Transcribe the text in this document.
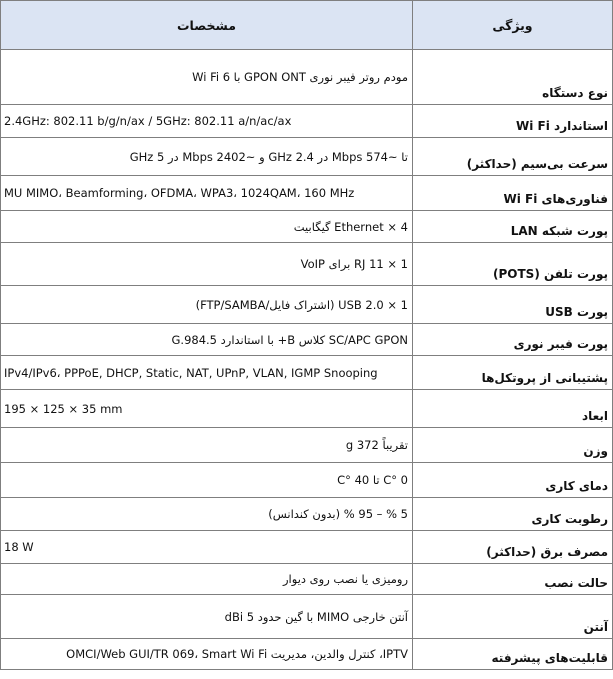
ویژگی	مشخصات
نوع دستگاه	مودم روتر فیبر نوری GPON ONT با Wi Fi 6
استاندارد Wi Fi	2.4GHz: 802.11 b/g/n/ax / 5GHz: 802.11 a/n/ac/ax
سرعت بی‌سیم (حداکثر)	تا ~574 Mbps در 2.4 GHz و ~2402 Mbps در 5 GHz
فناوری‌های Wi Fi	MU MIMO، Beamforming، OFDMA، WPA3، 1024QAM، 160 MHz
پورت شبکه LAN	4 × Ethernet گیگابیت
پورت تلفن (POTS)	1 × RJ 11 برای VoIP
پورت USB	1 × USB 2.0 (اشتراک فایل/FTP/SAMBA)
پورت فیبر نوری	SC/APC GPON کلاس B+ با استاندارد G.984.5
پشتیبانی از پروتکل‌ها	IPv4/IPv6، PPPoE, DHCP, Static, NAT, UPnP, VLAN, IGMP Snooping
ابعاد	195 × 125 × 35 mm
وزن	تقریباً 372 g
دمای کاری	0 °C تا 40 °C
رطوبت کاری	5 % – 95 % (بدون کندانس)
مصرف برق (حداکثر)	18 W
حالت نصب	رومیزی یا نصب روی دیوار
آنتن	آنتن خارجی MIMO با گین حدود 5 dBi
قابلیت‌های پیشرفته	IPTV، کنترل والدین، مدیریت OMCI/Web GUI/TR 069، Smart Wi Fi
